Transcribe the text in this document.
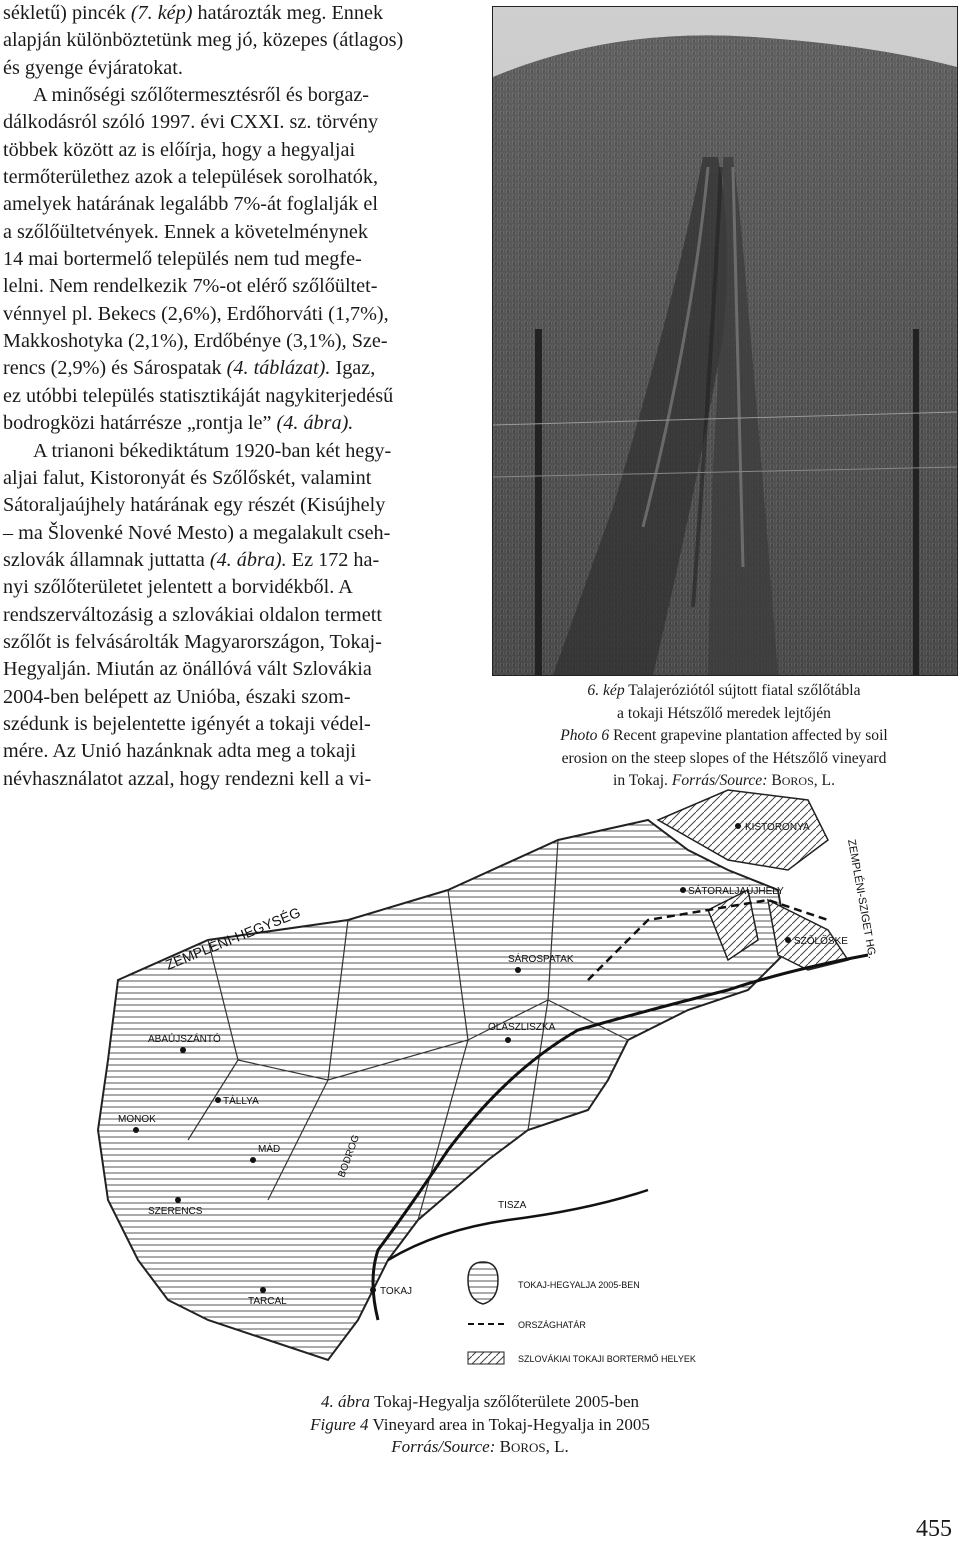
sékletű) pincék (7. kép) határozták meg. Ennek

alapján különböztetünk meg jó, közepes (átlagos)

és gyenge évjáratokat.

A minőségi szőlőtermesztésről és borgaz-

dálkodásról szóló 1997. évi CXXI. sz. törvény

többek között az is előírja, hogy a hegyaljai

termőterülethez azok a települések sorolhatók,

amelyek határának legalább 7%-át foglalják el

a szőlőültetvények. Ennek a követelménynek

14 mai bortermelő település nem tud megfe-

lelni. Nem rendelkezik 7%-ot elérő szőlőültet-

vénnyel pl. Bekecs (2,6%), Erdőhorváti (1,7%),

Makkoshotyka (2,1%), Erdőbénye (3,1%), Sze-

rencs (2,9%) és Sárospatak (4. táblázat). Igaz,

ez utóbbi település statisztikáját nagykiterjedésű

bodrogközi határrésze „rontja le” (4. ábra).

A trianoni békediktátum 1920-ban két hegy-

aljai falut, Kistoronyát és Szőlőskét, valamint

Sátoraljaújhely határának egy részét (Kisújhely

– ma Šlovenké Nové Mesto) a megalakult cseh-

szlovák államnak juttatta (4. ábra). Ez 172 ha-

nyi szőlőterületet jelentett a borvidékből. A

rendszerváltozásig a szlovákiai oldalon termett

szőlőt is felvásárolták Magyarországon, Tokaj-

Hegyalján. Miután az önállóvá vált Szlovákia

2004-ben belépett az Unióba, északi szom-

szédunk is bejelentette igényét a tokaji védel-

mére. Az Unió hazánknak adta meg a tokaji

névhasználatot azzal, hogy rendezni kell a vi-

6. kép Talajeróziótól sújtott fiatal szőlőtábla
a tokaji Hétszőlő meredek lejtőjén
Photo 6 Recent grapevine plantation affected by soil
erosion on the steep slopes of the Hétszőlő vineyard
in Tokaj. Forrás/Source: BOROS, L.
ZEMPLÉNI-HEGYSÉG	ZEMPLÉNI-SZIGET HG.
KISTORONYA
SÁTORALJAÚJHELY
SZŐLŐSKE
SÁROSPATAK
ABAÚJSZÁNTÓ
TÁLLYA
OLASZLISZKA
MONOK
MÁD
SZERENCS
TARCAL
TOKAJ
TISZA
BODROG
TOKAJ-HEGYALJA 2005-BEN
ORSZÁGHATÁR
SZLOVÁKIAI TOKAJI BORTERMŐ HELYEK
4. ábra Tokaj-Hegyalja szőlőterülete 2005-ben
Figure 4 Vineyard area in Tokaj-Hegyalja in 2005
Forrás/Source: BOROS, L.
455
